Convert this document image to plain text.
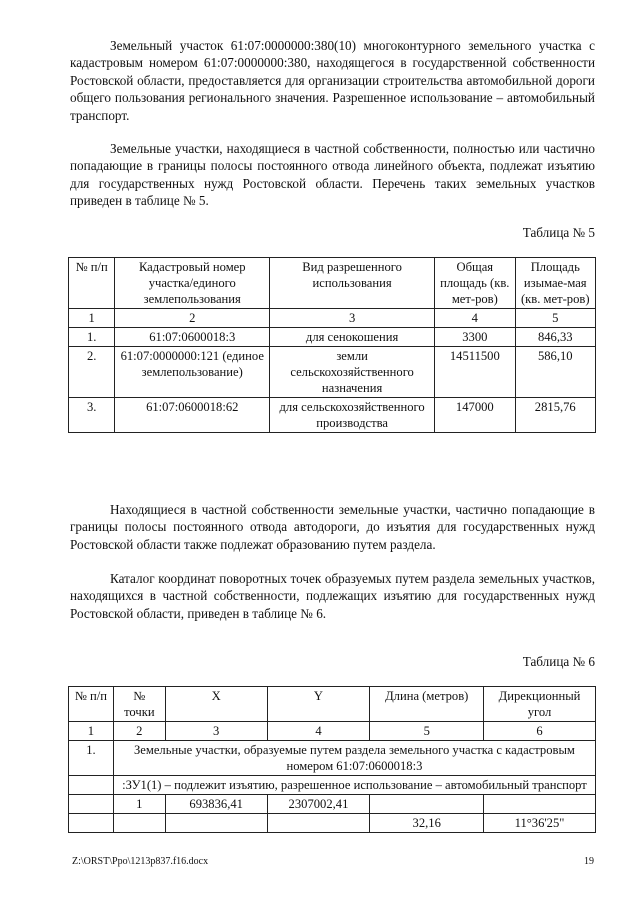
Земельный участок 61:07:0000000:380(10) многоконтурного земельного участка с кадастровым номером 61:07:0000000:380, находящегося в государственной собственности Ростовской области, предоставляется для организации строительства автомобильной дороги общего пользования регионального значения. Разрешенное использование – автомобильный транспорт.

Земельные участки, находящиеся в частной собственности, полностью или частично попадающие в границы полосы постоянного отвода линейного объекта, подлежат изъятию для государственных нужд Ростовской области. Перечень таких земельных участков приведен в таблице № 5.

Таблица № 5
№ п/п	Кадастровый номер участка/единого землепользования	Вид разрешенного использования	Общая площадь (кв. мет-ров)	Площадь изымае-мая (кв. мет-ров)
1	2	3	4	5
1.	61:07:0600018:3	для сенокошения	3300	846,33
2.	61:07:0000000:121 (единое землепользование)	земли сельскохозяйственного назначения	14511500	586,10
3.	61:07:0600018:62	для сельскохозяйственного производства	147000	2815,76

Находящиеся в частной собственности земельные участки, частично попадающие в границы полосы постоянного отвода автодороги, до изъятия для государственных нужд Ростовской области также подлежат образованию путем раздела.

Каталог координат поворотных точек образуемых путем раздела земельных участков, находящихся в частной собственности, подлежащих изъятию для государственных нужд Ростовской области, приведен в таблице № 6.

Таблица № 6
№ п/п	№ точки	X	Y	Длина (метров)	Дирекционный угол
1	2	3	4	5	6
1.	Земельные участки, образуемые путем раздела земельного участка с кадастровым номером 61:07:0600018:3				
	:ЗУ1(1) – подлежит изъятию, разрешенное использование – автомобильный транспорт				
	1	693836,41	2307002,41		
				32,16	11°36'25"
Z:\ORST\Ppo\1213p837.f16.docx	19
